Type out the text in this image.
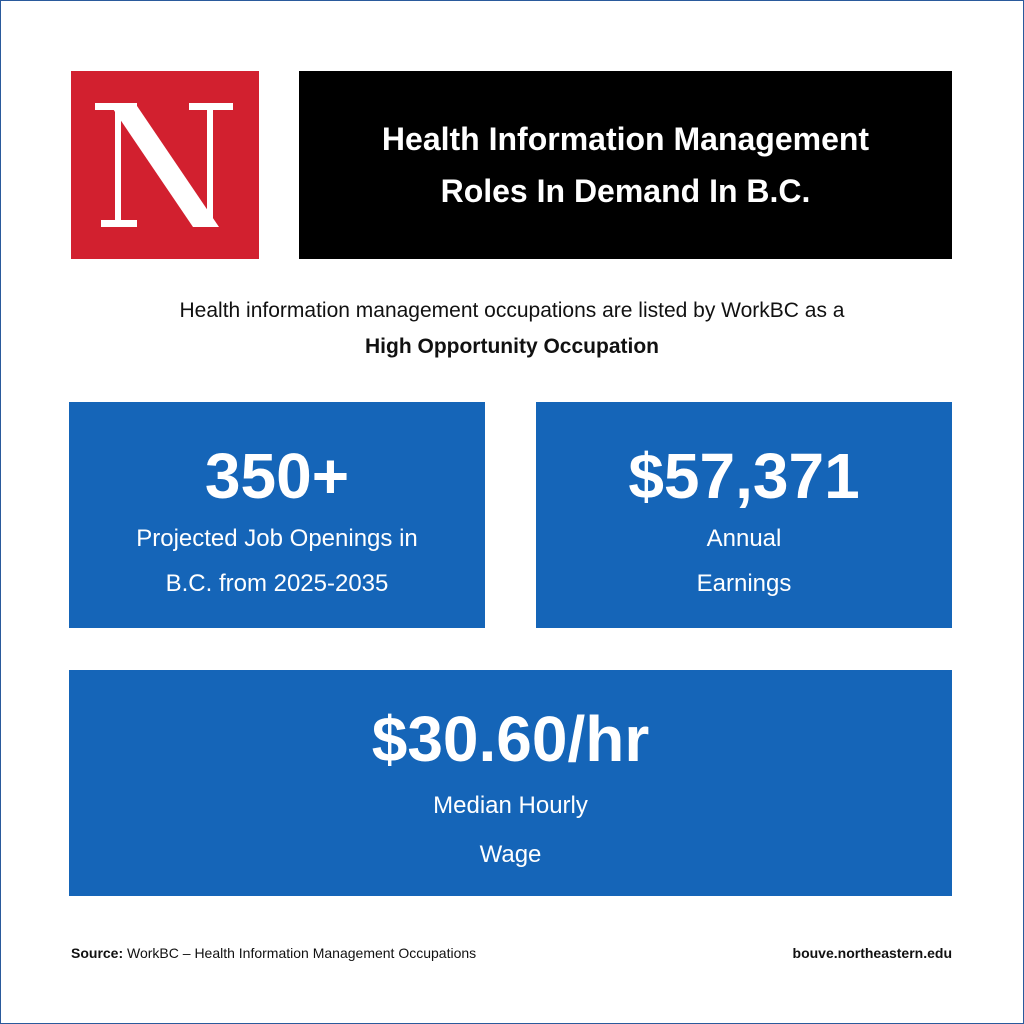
Health Information Management
Roles In Demand In B.C.
Health information management occupations are listed by WorkBC as a
High Opportunity Occupation
350+
Projected Job Openings in
B.C. from 2025-2035
$57,371
Annual
Earnings
$30.60/hr
Median Hourly
Wage
Source: WorkBC – Health Information Management Occupations	bouve.northeastern.edu
